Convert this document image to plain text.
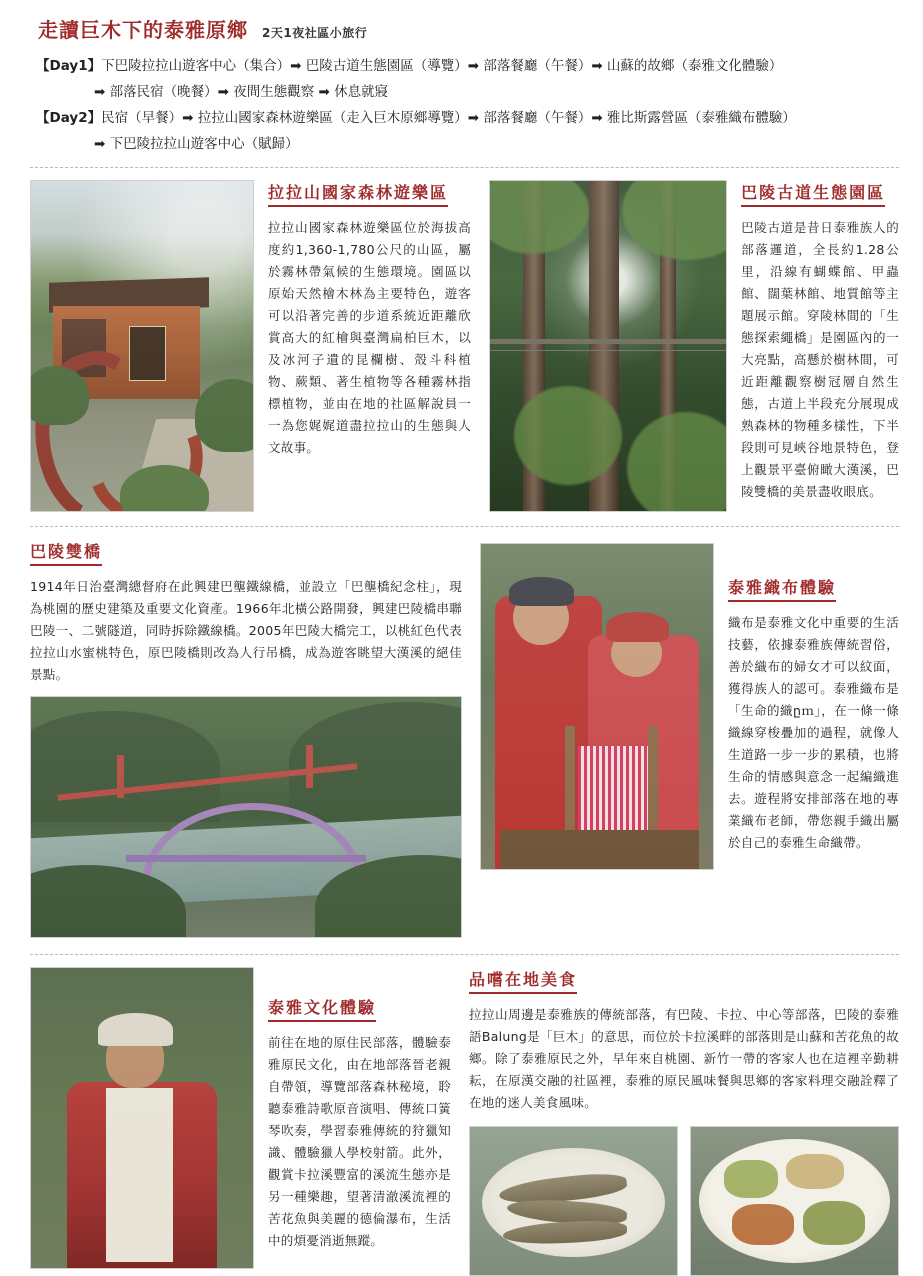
走讀巨木下的泰雅原鄉 2天1夜社區小旅行
【Day1】下巴陵拉拉山遊客中心（集合）➡ 巴陵古道生態園區（導覽）➡ 部落餐廳（午餐）➡ 山蘇的故鄉（泰雅文化體驗）
➡ 部落民宿（晚餐）➡ 夜間生態觀察 ➡ 休息就寢
【Day2】民宿（早餐）➡ 拉拉山國家森林遊樂區（走入巨木原鄉導覽）➡ 部落餐廳（午餐）➡ 雅比斯露營區（泰雅織布體驗）
➡ 下巴陵拉拉山遊客中心（賦歸）
拉拉山國家森林遊樂區
拉拉山國家森林遊樂區位於海拔高度約1,360-1,780公尺的山區，屬於霧林帶氣候的生態環境。園區以原始天然檜木林為主要特色，遊客可以沿著完善的步道系統近距離欣賞高大的紅檜與臺灣扁柏巨木，以及冰河子遺的昆欄樹、殼斗科植物、蕨類、著生植物等各種霧林指標植物，並由在地的社區解說員一一為您娓娓道盡拉拉山的生態與人文故事。
巴陵古道生態園區
巴陵古道是昔日泰雅族人的部落邏道，全長約1.28公里，沿線有蝴蝶館、甲蟲館、闊葉林館、地質館等主題展示館。穿陵林間的「生態探索繩橋」是園區內的一大亮點，高懸於樹林間，可近距離觀察樹冠層自然生態，古道上半段充分展現成熟森林的物種多樣性，下半段則可見峽谷地景特色，登上觀景平臺俯瞰大漢溪，巴陵雙橋的美景盡收眼底。
巴陵雙橋
1914年日治臺灣總督府在此興建巴壟鐵線橋，並設立「巴壟橋紀念柱」，現為桃園的歷史建築及重要文化資產。1966年北橫公路開發，興建巴陵橋串聯巴陵一、二號隧道，同時拆除鐵線橋。2005年巴陵大橋完工，以桃紅色代表拉拉山水蜜桃特色，原巴陵橋則改為人行吊橋，成為遊客眺望大漢溪的絕佳景點。
泰雅織布體驗
織布是泰雅文化中重要的生活技藝，依據泰雅族傳統習俗，善於織布的婦女才可以紋面，獲得族人的認可。泰雅織布是「生命的織ըｍ」，在一條一條織線穿梭疊加的過程，就像人生道路一步一步的累積，也將生命的情感與意念一起編織進去。遊程將安排部落在地的專業織布老師，帶您親手織出屬於自己的泰雅生命織帶。
泰雅文化體驗
前往在地的原住民部落，體驗泰雅原民文化，由在地部落晉老親自帶領，導覽部落森林秘境，聆聽泰雅詩歌原音演唱、傳統口簧琴吹奏，學習泰雅傳統的狩獵知識、體驗獵人學校射箭。此外，觀賞卡拉溪豐富的溪流生態亦是另一種樂趣，望著清澈溪流裡的苦花魚與美麗的德倫瀑布，生活中的煩憂消逝無蹤。
品嚐在地美食
拉拉山周邊是泰雅族的傳統部落，有巴陵、卡拉、中心等部落，巴陵的泰雅語Balung是「巨木」的意思，而位於卡拉溪畔的部落則是山蘇和苦花魚的故鄉。除了泰雅原民之外，早年來自桃園、新竹一帶的客家人也在這裡辛勤耕耘，在原漢交融的社區裡，泰雅的原民風味餐與思鄉的客家料理交融詮釋了在地的迷人美食風味。
